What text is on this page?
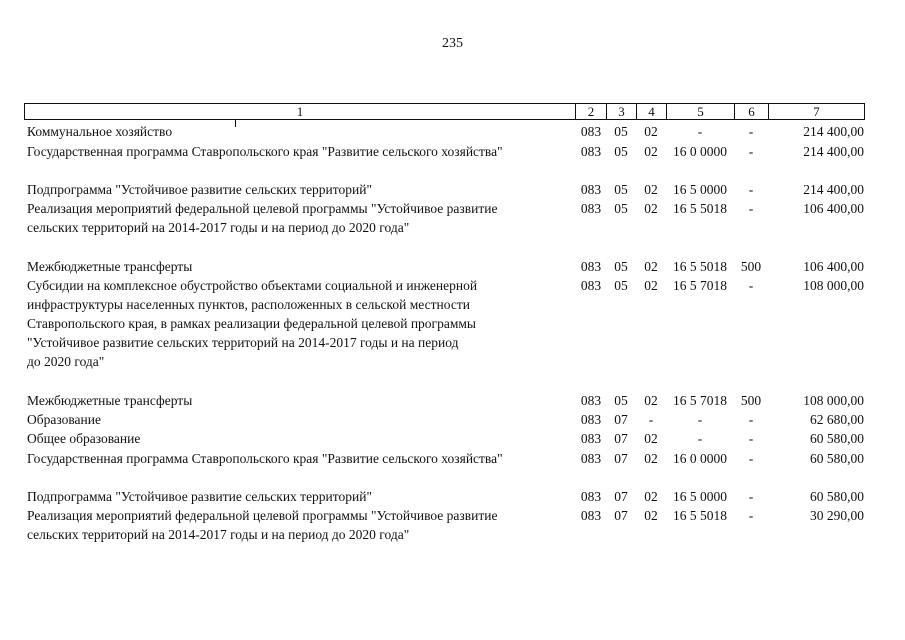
235
1	2	3	4	5	6	7
Коммунальное хозяйство	083 05	02	-	-	214 400,00
Государственная программа Ставропольского края "Развитие сельского хозяйства"	083 05	02	16 0 0000	-	214 400,00
Подпрограмма "Устойчивое развитие сельских территорий"	083 05	02	16 5 0000	-	214 400,00
Реализация мероприятий федеральной целевой программы "Устойчивое развитие	083 05	02	16 5 5018	-	106 400,00
сельских территорий на 2014-2017 годы и на период до 2020 года"
Межбюджетные трансферты	083 05	02	16 5 5018	500	106 400,00
Субсидии на комплексное обустройство объектами социальной и инженерной	083 05	02	16 5 7018	-	108 000,00
инфраструктуры населенных пунктов, расположенных в сельской местности
Ставропольского края, в рамках реализации федеральной целевой программы
"Устойчивое развитие сельских территорий на 2014-2017 годы и на период
до 2020 года"
Межбюджетные трансферты	083 05	02	16 5 7018	500	108 000,00
Образование	083 07	-	-	-	62 680,00
Общее образование	083 07	02	-	-	60 580,00
Государственная программа Ставропольского края "Развитие сельского хозяйства"	083 07	02	16 0 0000	-	60 580,00
Подпрограмма "Устойчивое развитие сельских территорий"	083 07	02	16 5 0000	-	60 580,00
Реализация мероприятий федеральной целевой программы "Устойчивое развитие	083 07	02	16 5 5018	-	30 290,00
сельских территорий на 2014-2017 годы и на период до 2020 года"
